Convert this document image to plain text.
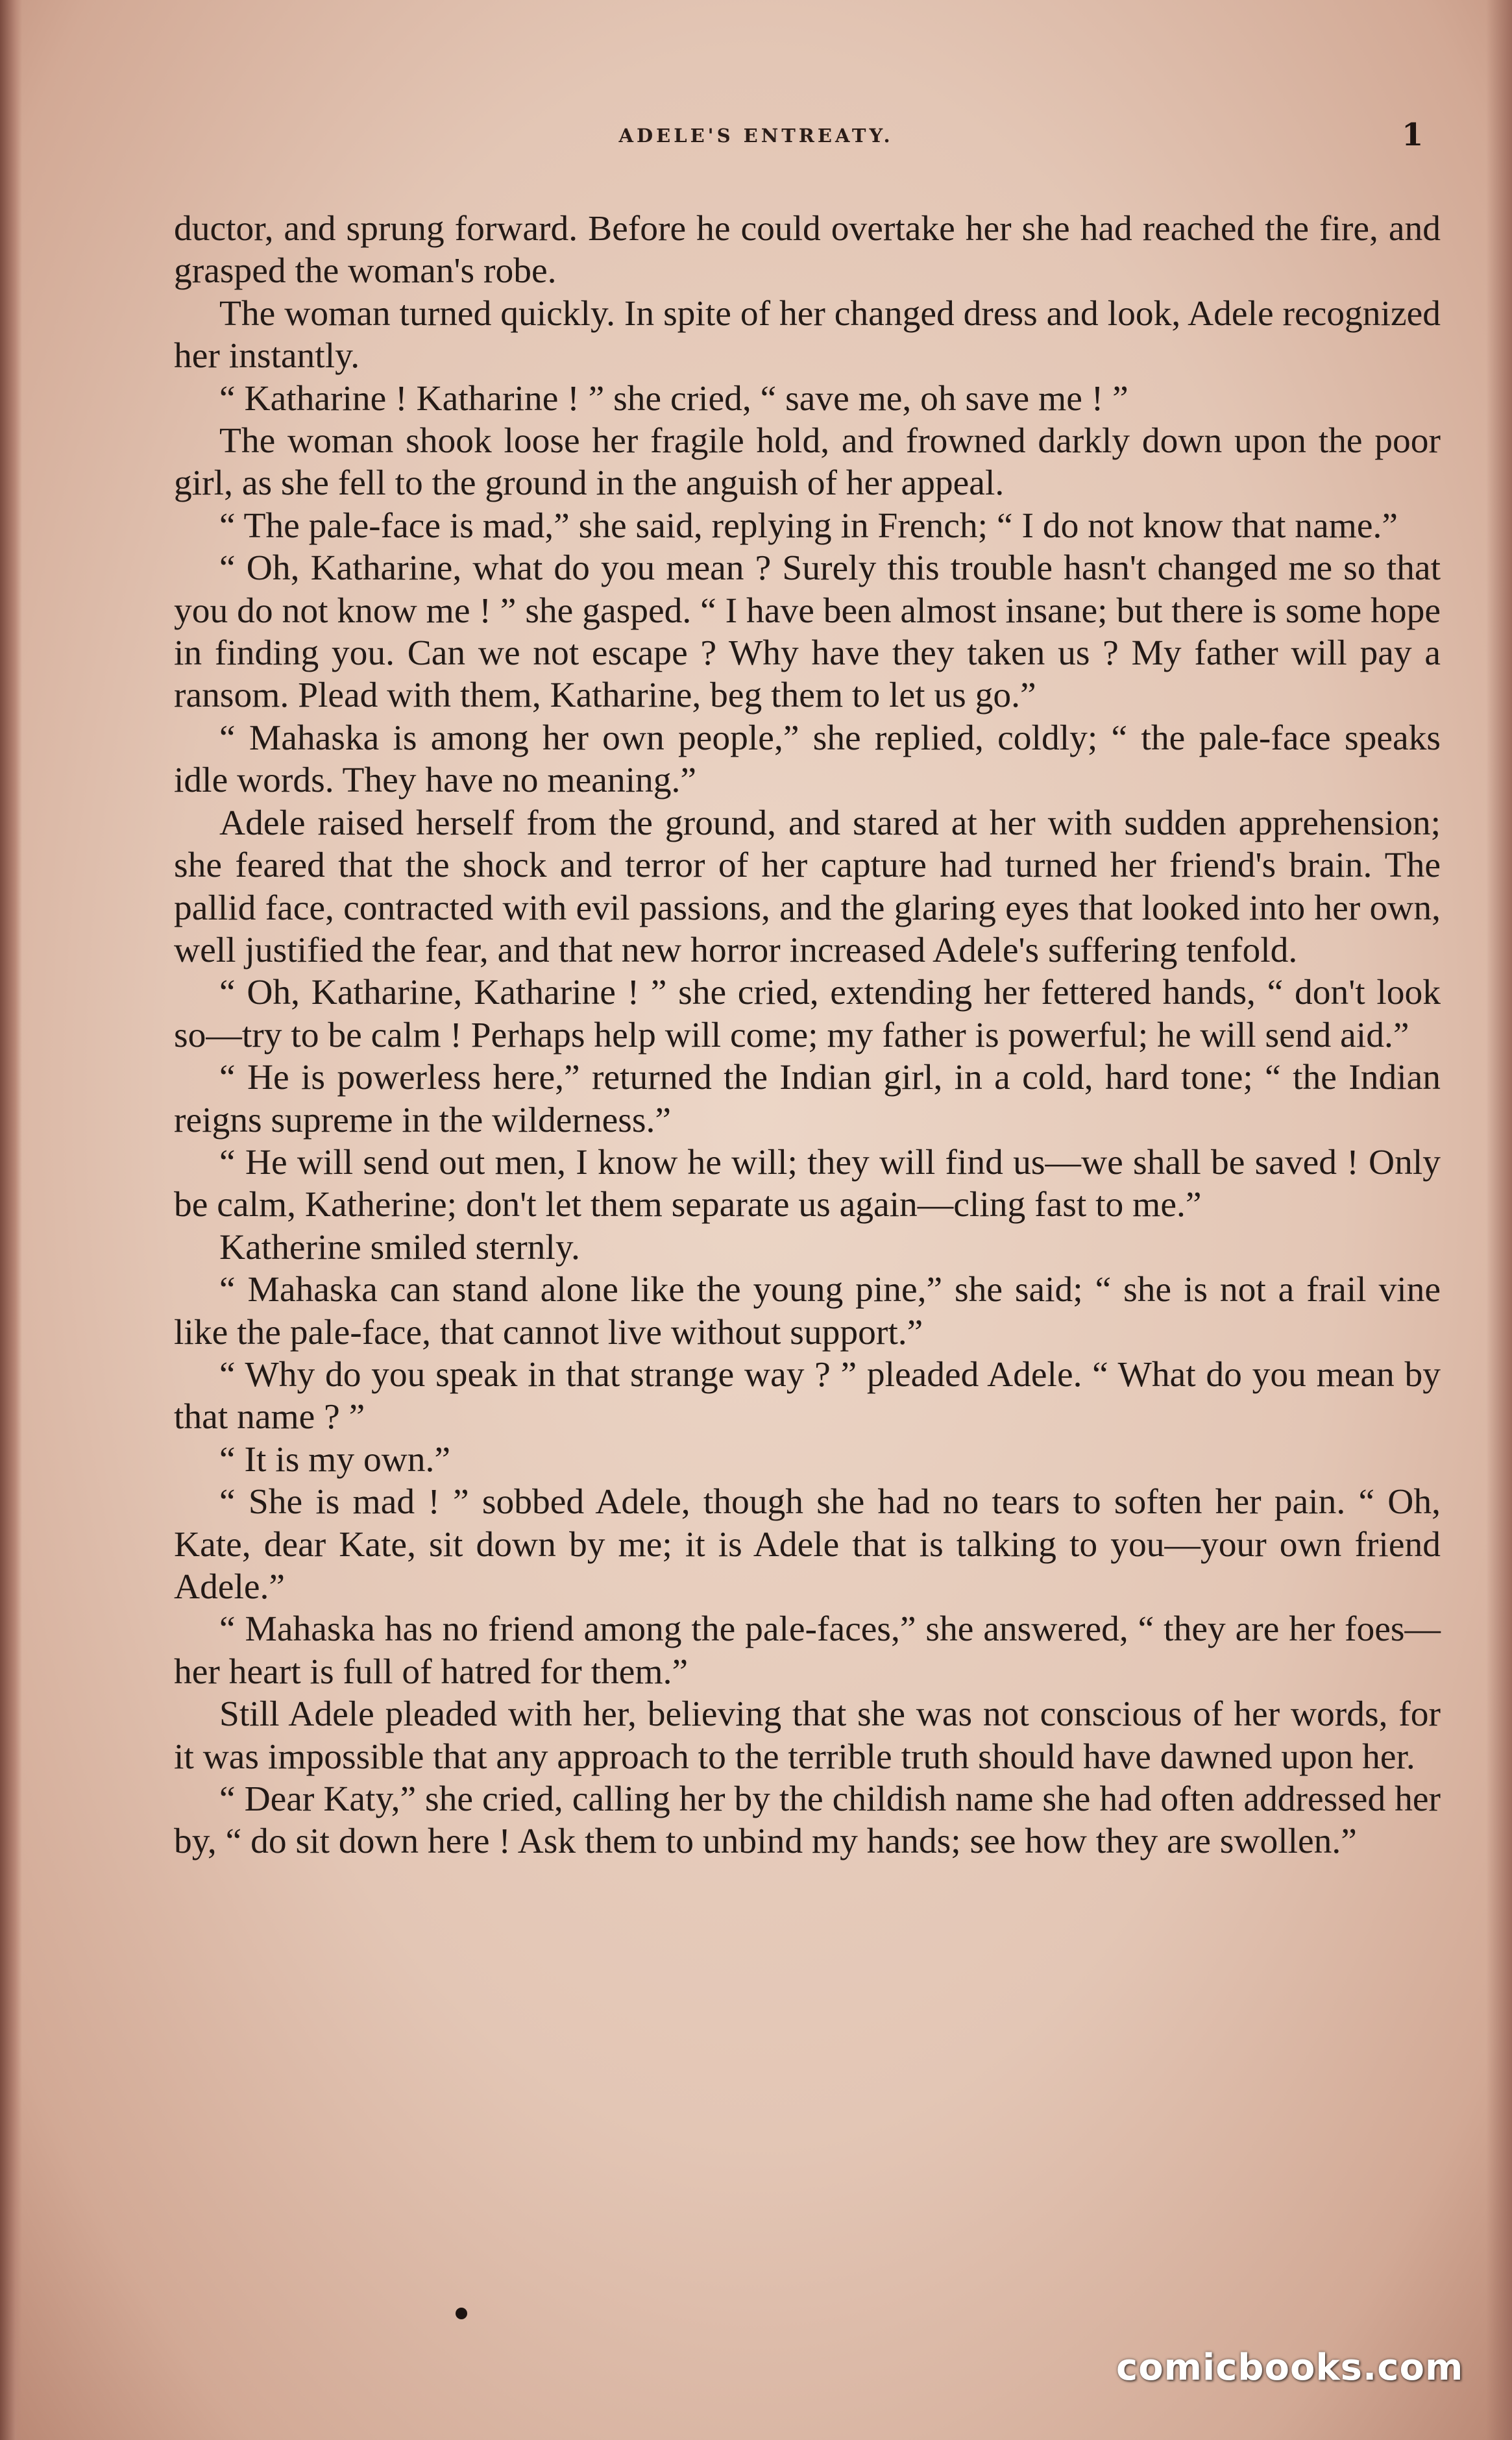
ADELE'S ENTREATY.	1

ductor, and sprung forward. Before he could overtake her she had reached the fire, and grasped the woman's robe.

The woman turned quickly. In spite of her changed dress and look, Adele recognized her instantly.

“ Katharine ! Katharine ! ” she cried, “ save me, oh save me ! ”

The woman shook loose her fragile hold, and frowned darkly down upon the poor girl, as she fell to the ground in the anguish of her appeal.

“ The pale-face is mad,” she said, replying in French; “ I do not know that name.”

“ Oh, Katharine, what do you mean ? Surely this trouble hasn't changed me so that you do not know me ! ” she gasped. “ I have been almost insane; but there is some hope in finding you. Can we not escape ? Why have they taken us ? My father will pay a ransom. Plead with them, Katharine, beg them to let us go.”

“ Mahaska is among her own people,” she replied, coldly; “ the pale-face speaks idle words. They have no meaning.”

Adele raised herself from the ground, and stared at her with sudden apprehension; she feared that the shock and terror of her capture had turned her friend's brain. The pallid face, contracted with evil passions, and the glaring eyes that looked into her own, well justified the fear, and that new horror increased Adele's suffering tenfold.

“ Oh, Katharine, Katharine ! ” she cried, extending her fettered hands, “ don't look so—try to be calm ! Perhaps help will come; my father is powerful; he will send aid.”

“ He is powerless here,” returned the Indian girl, in a cold, hard tone; “ the Indian reigns supreme in the wilderness.”

“ He will send out men, I know he will; they will find us—we shall be saved ! Only be calm, Katherine; don't let them separate us again—cling fast to me.”

Katherine smiled sternly.

“ Mahaska can stand alone like the young pine,” she said; “ she is not a frail vine like the pale-face, that cannot live without support.”

“ Why do you speak in that strange way ? ” pleaded Adele. “ What do you mean by that name ? ”

“ It is my own.”

“ She is mad ! ” sobbed Adele, though she had no tears to soften her pain. “ Oh, Kate, dear Kate, sit down by me; it is Adele that is talking to you—your own friend Adele.”

“ Mahaska has no friend among the pale-faces,” she answered, “ they are her foes—her heart is full of hatred for them.”

Still Adele pleaded with her, believing that she was not conscious of her words, for it was impossible that any approach to the terrible truth should have dawned upon her.

“ Dear Katy,” she cried, calling her by the childish name she had often addressed her by, “ do sit down here ! Ask them to unbind my hands; see how they are swollen.”

comicbooks.com
